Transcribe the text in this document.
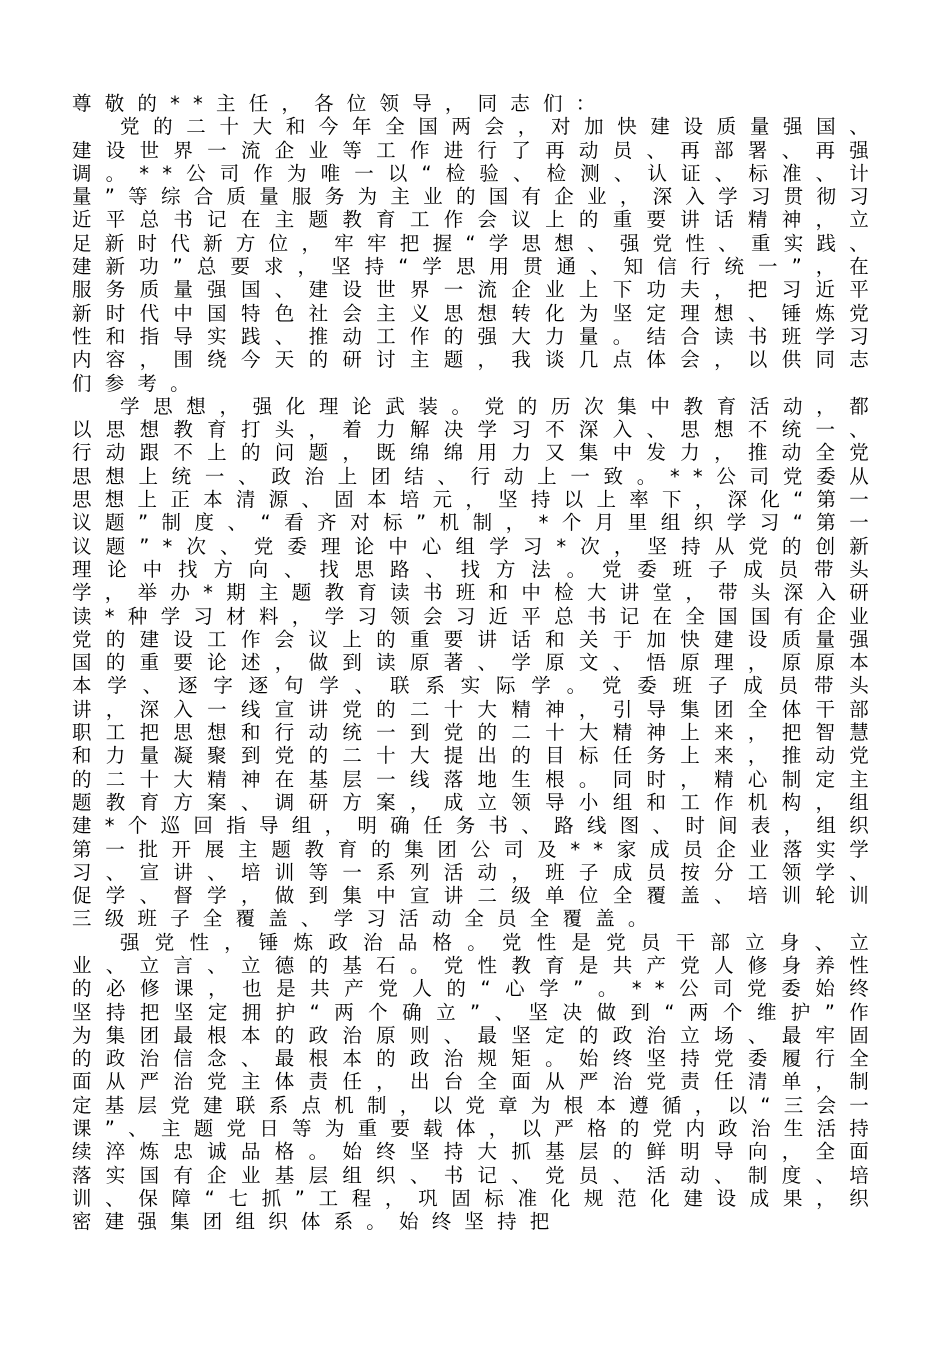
尊敬的**主任，各位领导，同志们：

党的二十大和今年全国两会，对加快建设质量强国、建设世界一流企业等工作进行了再动员、再部署、再强调。**公司作为唯一以“检验、检测、认证、标准、计量”等综合质量服务为主业的国有企业，深入学习贯彻习近平总书记在主题教育工作会议上的重要讲话精神，立足新时代新方位，牢牢把握“学思想、强党性、重实践、建新功”总要求，坚持“学思用贯通、知信行统一”，在服务质量强国、建设世界一流企业上下功夫，把习近平新时代中国特色社会主义思想转化为坚定理想、锤炼党性和指导实践、推动工作的强大力量。结合读书班学习内容，围绕今天的研讨主题，我谈几点体会，以供同志们参考。

学思想，强化理论武装。党的历次集中教育活动，都以思想教育打头，着力解决学习不深入、思想不统一、行动跟不上的问题，既绵绵用力又集中发力，推动全党思想上统一、政治上团结、行动上一致。**公司党委从思想上正本清源、固本培元，坚持以上率下，深化“第一议题”制度、“看齐对标”机制，*个月里组织学习“第一议题”*次、党委理论中心组学习*次，坚持从党的创新理论中找方向、找思路、找方法。党委班子成员带头学，举办*期主题教育读书班和中检大讲堂，带头深入研读*种学习材料，学习领会习近平总书记在全国国有企业党的建设工作会议上的重要讲话和关于加快建设质量强国的重要论述，做到读原著、学原文、悟原理，原原本本学、逐字逐句学、联系实际学。党委班子成员带头讲，深入一线宣讲党的二十大精神，引导集团全体干部职工把思想和行动统一到党的二十大精神上来，把智慧和力量凝聚到党的二十大提出的目标任务上来，推动党的二十大精神在基层一线落地生根。同时，精心制定主题教育方案、调研方案，成立领导小组和工作机构，组建*个巡回指导组，明确任务书、路线图、时间表，组织第一批开展主题教育的集团公司及**家成员企业落实学习、宣讲、培训等一系列活动，班子成员按分工领学、促学、督学，做到集中宣讲二级单位全覆盖、培训轮训三级班子全覆盖、学习活动全员全覆盖。

强党性，锤炼政治品格。党性是党员干部立身、立业、立言、立德的基石。党性教育是共产党人修身养性的必修课，也是共产党人的“心学”。**公司党委始终坚持把坚定拥护“两个确立”、坚决做到“两个维护”作为集团最根本的政治原则、最坚定的政治立场、最牢固的政治信念、最根本的政治规矩。始终坚持党委履行全面从严治党主体责任，出台全面从严治党责任清单，制定基层党建联系点机制，以党章为根本遵循，以“三会一课”、主题党日等为重要载体，以严格的党内政治生活持续淬炼忠诚品格。始终坚持大抓基层的鲜明导向，全面落实国有企业基层组织、书记、党员、活动、制度、培训、保障“七抓”工程，巩固标准化规范化建设成果，织密建强集团组织体系。始终坚持把
